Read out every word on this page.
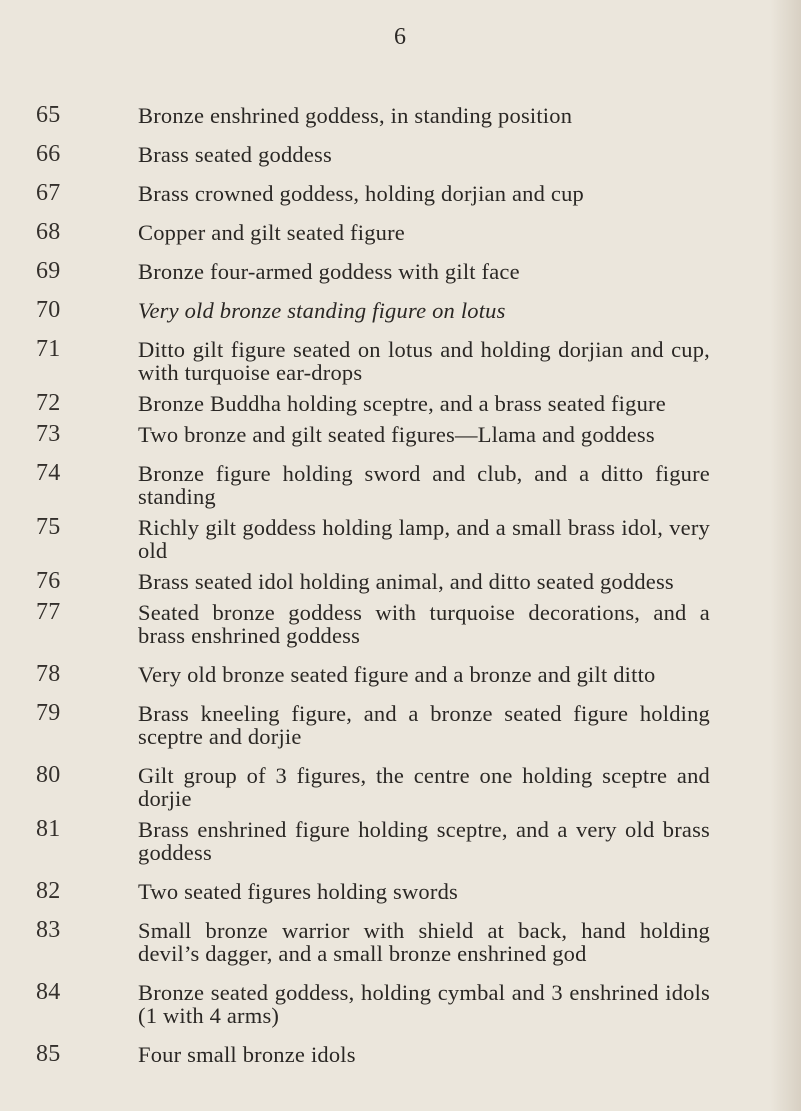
6
65	Bronze enshrined goddess, in standing position
66	Brass seated goddess
67	Brass crowned goddess, holding dorjian and cup
68	Copper and gilt seated figure
69	Bronze four-armed goddess with gilt face
70	Very old bronze standing figure on lotus
71	Ditto gilt figure seated on lotus and holding dorjian and cup, with turquoise ear-drops
72	Bronze Buddha holding sceptre, and a brass seated figure
73	Two bronze and gilt seated figures—Llama and goddess
74	Bronze figure holding sword and club, and a ditto figure standing
75	Richly gilt goddess holding lamp, and a small brass idol, very old
76	Brass seated idol holding animal, and ditto seated goddess
77	Seated bronze goddess with turquoise decorations, and a brass enshrined goddess
78	Very old bronze seated figure and a bronze and gilt ditto
79	Brass kneeling figure, and a bronze seated figure holding sceptre and dorjie
80	Gilt group of 3 figures, the centre one holding sceptre and dorjie
81	Brass enshrined figure holding sceptre, and a very old brass goddess
82	Two seated figures holding swords
83	Small bronze warrior with shield at back, hand holding devil’s dagger, and a small bronze enshrined god
84	Bronze seated goddess, holding cymbal and 3 enshrined idols (1 with 4 arms)
85	Four small bronze idols
